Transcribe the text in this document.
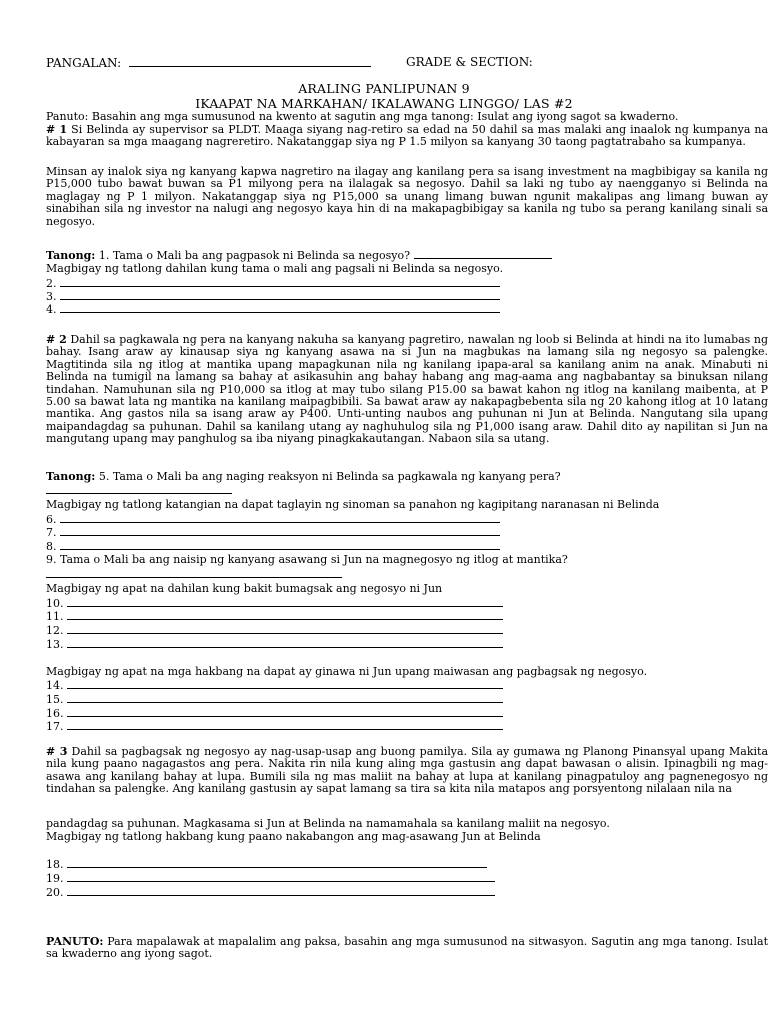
PANGALAN:	GRADE & SECTION:
ARALING PANLIPUNAN 9
IKAAPAT NA MARKAHAN/ IKALAWANG LINGGO/ LAS #2
Panuto: Basahin ang mga sumusunod na kwento at sagutin ang mga tanong: Isulat ang iyong sagot sa kwaderno.
# 1 Si Belinda ay supervisor sa PLDT. Maaga siyang nag-retiro sa edad na 50 dahil sa mas malaki ang inaalok ng kumpanya na kabayaran sa mga maagang nagreretiro. Nakatanggap siya ng P 1.5 milyon sa kanyang 30 taong pagtatrabaho sa kumpanya.
Minsan ay inalok siya ng kanyang kapwa nagretiro na ilagay ang kanilang pera sa isang investment na magbibigay sa kanila ng P15,000 tubo bawat buwan sa P1 milyong pera na ilalagak sa negosyo. Dahil sa laki ng tubo ay naengganyo si Belinda na maglagay ng P 1 milyon. Nakatanggap siya ng P15,000 sa unang limang buwan ngunit makalipas ang limang buwan ay sinabihan sila ng investor na nalugi ang negosyo kaya hin di na makapagbibigay sa kanila ng tubo sa perang kanilang sinali sa negosyo.
Tanong: 1. Tama o Mali ba ang pagpasok ni Belinda sa negosyo?
Magbigay ng tatlong dahilan kung tama o mali ang pagsali ni Belinda sa negosyo.
2.
3.
4.
# 2 Dahil sa pagkawala ng pera na kanyang nakuha sa kanyang pagretiro, nawalan ng loob si Belinda at hindi na ito lumabas ng bahay. Isang araw ay kinausap siya ng kanyang asawa na si Jun na magbukas na lamang sila ng negosyo sa palengke. Magtitinda sila ng itlog at mantika upang mapagkunan nila ng kanilang ipapa-aral sa kanilang anim na anak. Minabuti ni Belinda na tumigil na lamang sa bahay at asikasuhin ang bahay habang ang mag-aama ang nagbabantay sa binuksan nilang tindahan. Namuhunan sila ng P10,000 sa itlog at may tubo silang P15.00 sa bawat kahon ng itlog na kanilang maibenta, at P 5.00 sa bawat lata ng mantika na kanilang maipagbibili. Sa bawat araw ay nakapagbebenta sila ng 20 kahong itlog at 10 latang mantika. Ang gastos nila sa isang araw ay P400. Unti-unting naubos ang puhunan ni Jun at Belinda. Nangutang sila upang maipandagdag sa puhunan. Dahil sa kanilang utang ay naghuhulog sila ng P1,000 isang araw. Dahil dito ay napilitan si Jun na mangutang upang may panghulog sa iba niyang pinagkakautangan. Nabaon sila sa utang.
Tanong: 5. Tama o Mali ba ang naging reaksyon ni Belinda sa pagkawala ng kanyang pera?
Magbigay ng tatlong katangian na dapat taglayin ng sinoman sa panahon ng kagipitang naranasan ni Belinda
6.
7.
8.
9. Tama o Mali ba ang naisip ng kanyang asawang si Jun na magnegosyo ng itlog at mantika?
Magbigay ng apat na dahilan kung bakit bumagsak ang negosyo ni Jun
10.
11.
12.
13.
Magbigay ng apat na mga hakbang na dapat ay ginawa ni Jun upang maiwasan ang pagbagsak ng negosyo.
14.
15.
16.
17.
# 3 Dahil sa pagbagsak ng negosyo ay nag-usap-usap ang buong pamilya. Sila ay gumawa ng Planong Pinansyal upang Makita nila kung paano nagagastos ang pera. Nakita rin nila kung aling mga gastusin ang dapat bawasan o alisin. Ipinagbili ng mag-asawa ang kanilang bahay at lupa. Bumili sila ng mas maliit na bahay at lupa at kanilang pinagpatuloy ang pagnenegosyo ng tindahan sa palengke. Ang kanilang gastusin ay sapat lamang sa tira sa kita nila matapos ang porsyentong nilalaan nila na
pandagdag sa puhunan. Magkasama si Jun at Belinda na namamahala sa kanilang maliit na negosyo.
Magbigay ng tatlong hakbang kung paano nakabangon ang mag-asawang Jun at Belinda
18.
19.
20.
PANUTO: Para mapalawak at mapalalim ang paksa, basahin ang mga sumusunod na sitwasyon. Sagutin ang mga tanong. Isulat sa kwaderno ang iyong sagot.
